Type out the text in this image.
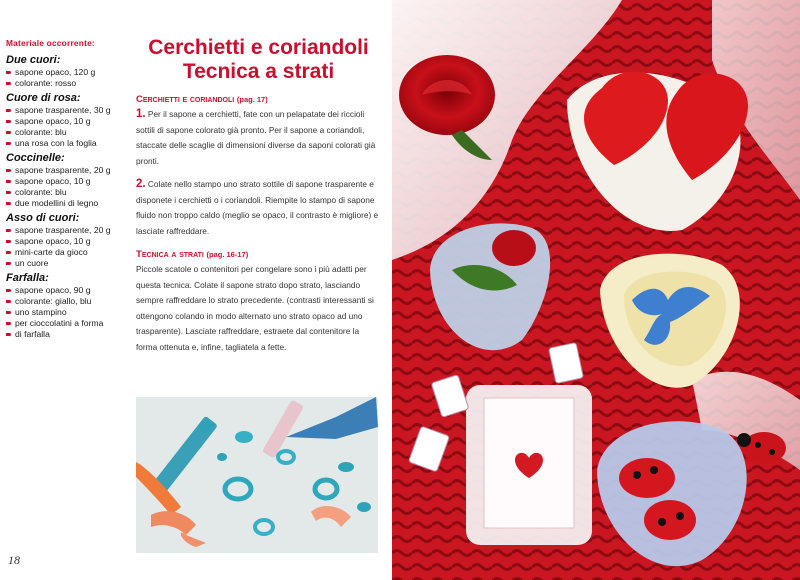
Materiale occorrente:
Due cuori:
sapone opaco, 120 g
colorante: rosso
Cuore di rosa:
sapone trasparente, 30 g
sapone opaco, 10 g
colorante: blu
una rosa con la foglia
Coccinelle:
sapone trasparente, 20 g
sapone opaco, 10 g
colorante: blu
due modellini di legno
Asso di cuori:
sapone trasparente, 20 g
sapone opaco, 10 g
mini-carte da gioco
un cuore
Farfalla:
sapone opaco, 90 g
colorante: giallo, blu
uno stampino
per cioccolatini a forma
di farfalla
Cerchietti e coriandoli
Tecnica a strati
Cerchietti e coriandoli (pag. 17)
1. Per il sapone a cerchietti, fate con un pelapatate dei riccioli sottili di sapone colorato già pronto. Per il sapone a coriandoli, staccate delle scaglie di dimensioni diverse da saponi colorati già pronti.
2. Colate nello stampo uno strato sottile di sapone trasparente e disponete i cerchietti o i coriandoli. Riempite lo stampo di sapone fluido non troppo caldo (meglio se opaco, il contrasto è migliore) e lasciate raffreddare.
Tecnica a strati (pag. 16-17)
Piccole scatole o contenitori per congelare sono i più adatti per questa tecnica. Colate il sapone strato dopo strato, lasciando sempre raffreddare lo strato precedente. (contrasti interessanti si ottengono colando in modo alternato uno strato opaco ad uno trasparente). Lasciate raffreddare, estraete dal contenitore la forma ottenuta e, infine, tagliatela a fette.
18
